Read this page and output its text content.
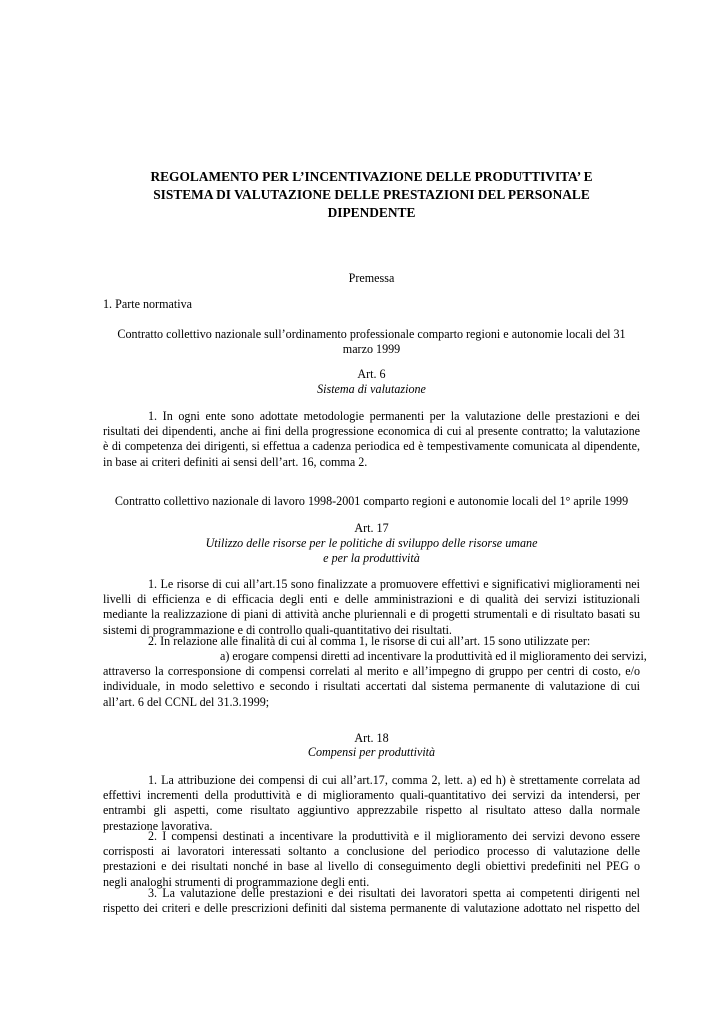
REGOLAMENTO PER L’INCENTIVAZIONE DELLE PRODUTTIVITA’ E
SISTEMA DI VALUTAZIONE DELLE PRESTAZIONI DEL PERSONALE
DIPENDENTE
Premessa
1. Parte normativa
Contratto collettivo nazionale sull’ordinamento professionale comparto regioni e autonomie locali del 31
marzo 1999
Art. 6
Sistema di valutazione
1. In ogni ente sono adottate metodologie permanenti per la valutazione delle prestazioni e dei
risultati dei dipendenti, anche ai fini della progressione economica di cui al presente contratto; la valutazione
è di competenza dei dirigenti, si effettua a cadenza periodica ed è tempestivamente comunicata al dipendente,
in base ai criteri definiti ai sensi dell’art. 16, comma 2.
Contratto collettivo nazionale di lavoro 1998-2001 comparto regioni e autonomie locali del 1° aprile 1999
Art. 17
Utilizzo delle risorse per le politiche di sviluppo delle risorse umane
e per la produttività
1. Le risorse di cui all’art.15 sono finalizzate a promuovere effettivi e significativi miglioramenti nei
livelli di efficienza e di efficacia degli enti e delle amministrazioni e di qualità dei servizi istituzionali
mediante la realizzazione di piani di attività anche pluriennali e di progetti strumentali e di risultato basati su
sistemi di programmazione e di controllo quali-quantitativo dei risultati.
2. In relazione alle finalità di cui al comma 1, le risorse di cui all’art. 15 sono utilizzate per:
a) erogare compensi diretti ad incentivare la produttività ed il miglioramento dei servizi,
attraverso la corresponsione di compensi correlati al merito e all’impegno di gruppo per centri di costo, e/o
individuale, in modo selettivo e secondo i risultati accertati dal sistema permanente di valutazione di cui
all’art. 6 del CCNL del 31.3.1999;
Art. 18
Compensi per produttività
1. La attribuzione dei compensi di cui all’art.17, comma 2, lett. a) ed h) è strettamente correlata ad
effettivi incrementi della produttività e di miglioramento quali-quantitativo dei servizi da intendersi, per
entrambi gli aspetti, come risultato aggiuntivo apprezzabile rispetto al risultato atteso dalla normale
prestazione lavorativa.
2. I compensi destinati a incentivare la produttività e il miglioramento dei servizi devono essere
corrisposti ai lavoratori interessati soltanto a conclusione del periodico processo di valutazione delle
prestazioni e dei risultati nonché in base al livello di conseguimento degli obiettivi predefiniti nel PEG o
negli analoghi strumenti di programmazione degli enti.
3. La valutazione delle prestazioni e dei risultati dei lavoratori spetta ai competenti dirigenti nel
rispetto dei criteri e delle prescrizioni definiti dal sistema permanente di valutazione adottato nel rispetto del
